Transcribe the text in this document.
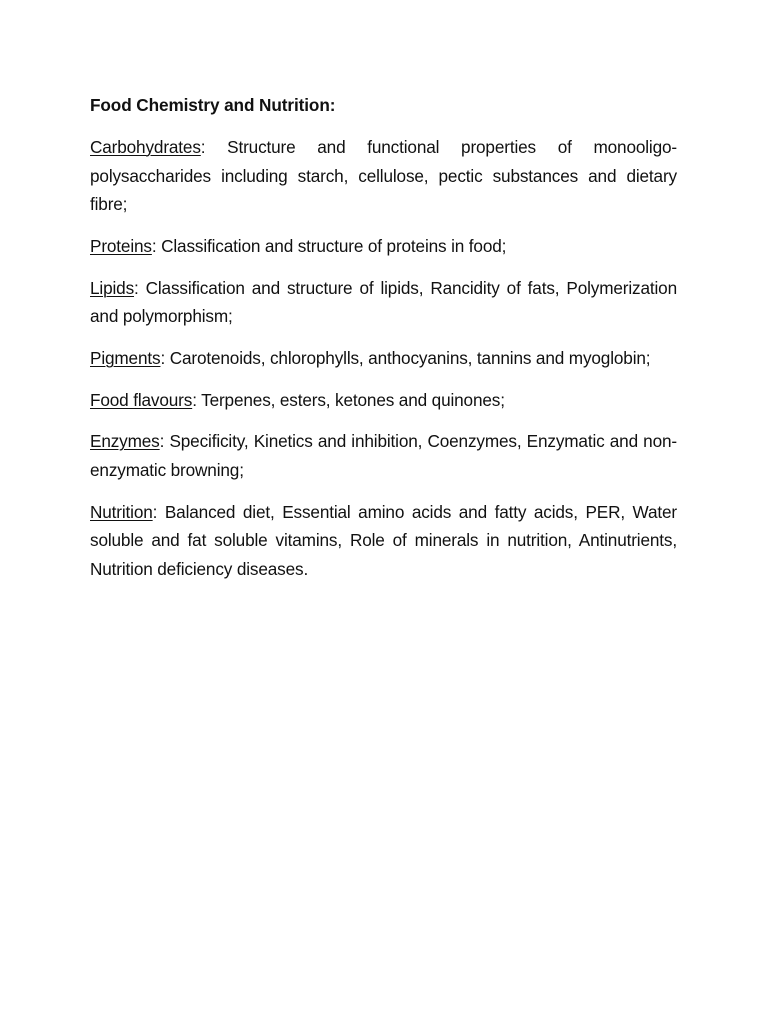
Food Chemistry and Nutrition:

Carbohydrates: Structure and functional properties of monooligo-polysaccharides including starch, cellulose, pectic substances and dietary fibre;

Proteins: Classification and structure of proteins in food;

Lipids: Classification and structure of lipids, Rancidity of fats, Polymerization and polymorphism;

Pigments: Carotenoids, chlorophylls, anthocyanins, tannins and myoglobin;

Food flavours: Terpenes, esters, ketones and quinones;

Enzymes: Specificity, Kinetics and inhibition, Coenzymes, Enzymatic and non-enzymatic browning;

Nutrition: Balanced diet, Essential amino acids and fatty acids, PER, Water soluble and fat soluble vitamins, Role of minerals in nutrition, Antinutrients, Nutrition deficiency diseases.
